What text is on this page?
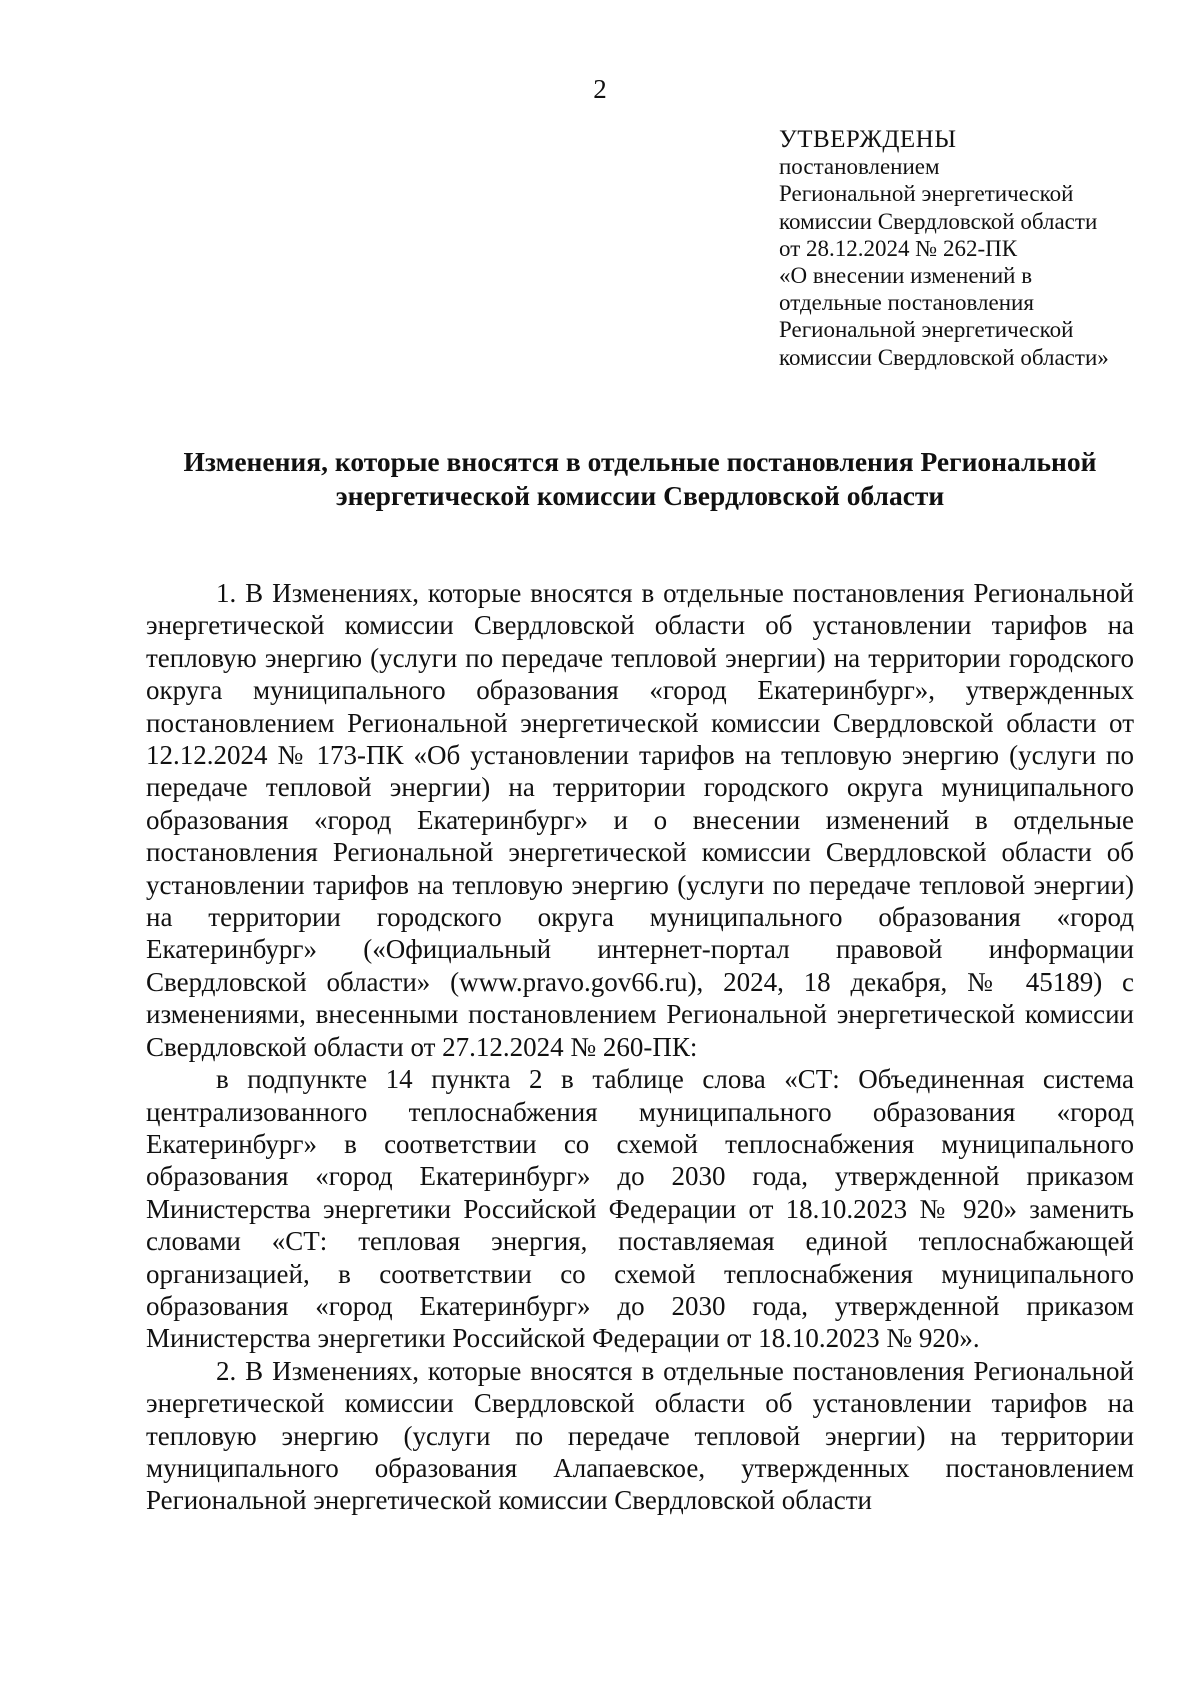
2
УТВЕРЖДЕНЫ
постановлением
Региональной энергетической
комиссии Свердловской области
от 28.12.2024 № 262-ПК
«О внесении изменений в
отдельные постановления
Региональной энергетической
комиссии Свердловской области»
Изменения, которые вносятся в отдельные постановления Региональной
энергетической комиссии Свердловской области

1. В Изменениях, которые вносятся в отдельные постановления Региональной энергетической комиссии Свердловской области об установлении тарифов на тепловую энергию (услуги по передаче тепловой энергии) на территории городского округа муниципального образования «город Екатеринбург», утвержденных постановлением Региональной энергетической комиссии Свердловской области от 12.12.2024 № 173-ПК «Об установлении тарифов на тепловую энергию (услуги по передаче тепловой энергии) на территории городского округа муниципального образования «город Екатеринбург» и о внесении изменений в отдельные постановления Региональной энергетической комиссии Свердловской области об установлении тарифов на тепловую энергию (услуги по передаче тепловой энергии) на территории городского округа муниципального образования «город Екатеринбург» («Официальный интернет-портал правовой информации Свердловской области» (www.pravo.gov66.ru), 2024, 18 декабря, № 45189) с изменениями, внесенными постановлением Региональной энергетической комиссии Свердловской области от 27.12.2024 № 260-ПК:

в подпункте 14 пункта 2 в таблице слова «СТ: Объединенная система централизованного теплоснабжения муниципального образования «город Екатеринбург» в соответствии со схемой теплоснабжения муниципального образования «город Екатеринбург» до 2030 года, утвержденной приказом Министерства энергетики Российской Федерации от 18.10.2023 № 920» заменить словами «СТ: тепловая энергия, поставляемая единой теплоснабжающей организацией, в соответствии со схемой теплоснабжения муниципального образования «город Екатеринбург» до 2030 года, утвержденной приказом Министерства энергетики Российской Федерации от 18.10.2023 № 920».

2. В Изменениях, которые вносятся в отдельные постановления Региональной энергетической комиссии Свердловской области об установлении тарифов на тепловую энергию (услуги по передаче тепловой энергии) на территории муниципального образования Алапаевское, утвержденных постановлением Региональной энергетической комиссии Свердловской области
